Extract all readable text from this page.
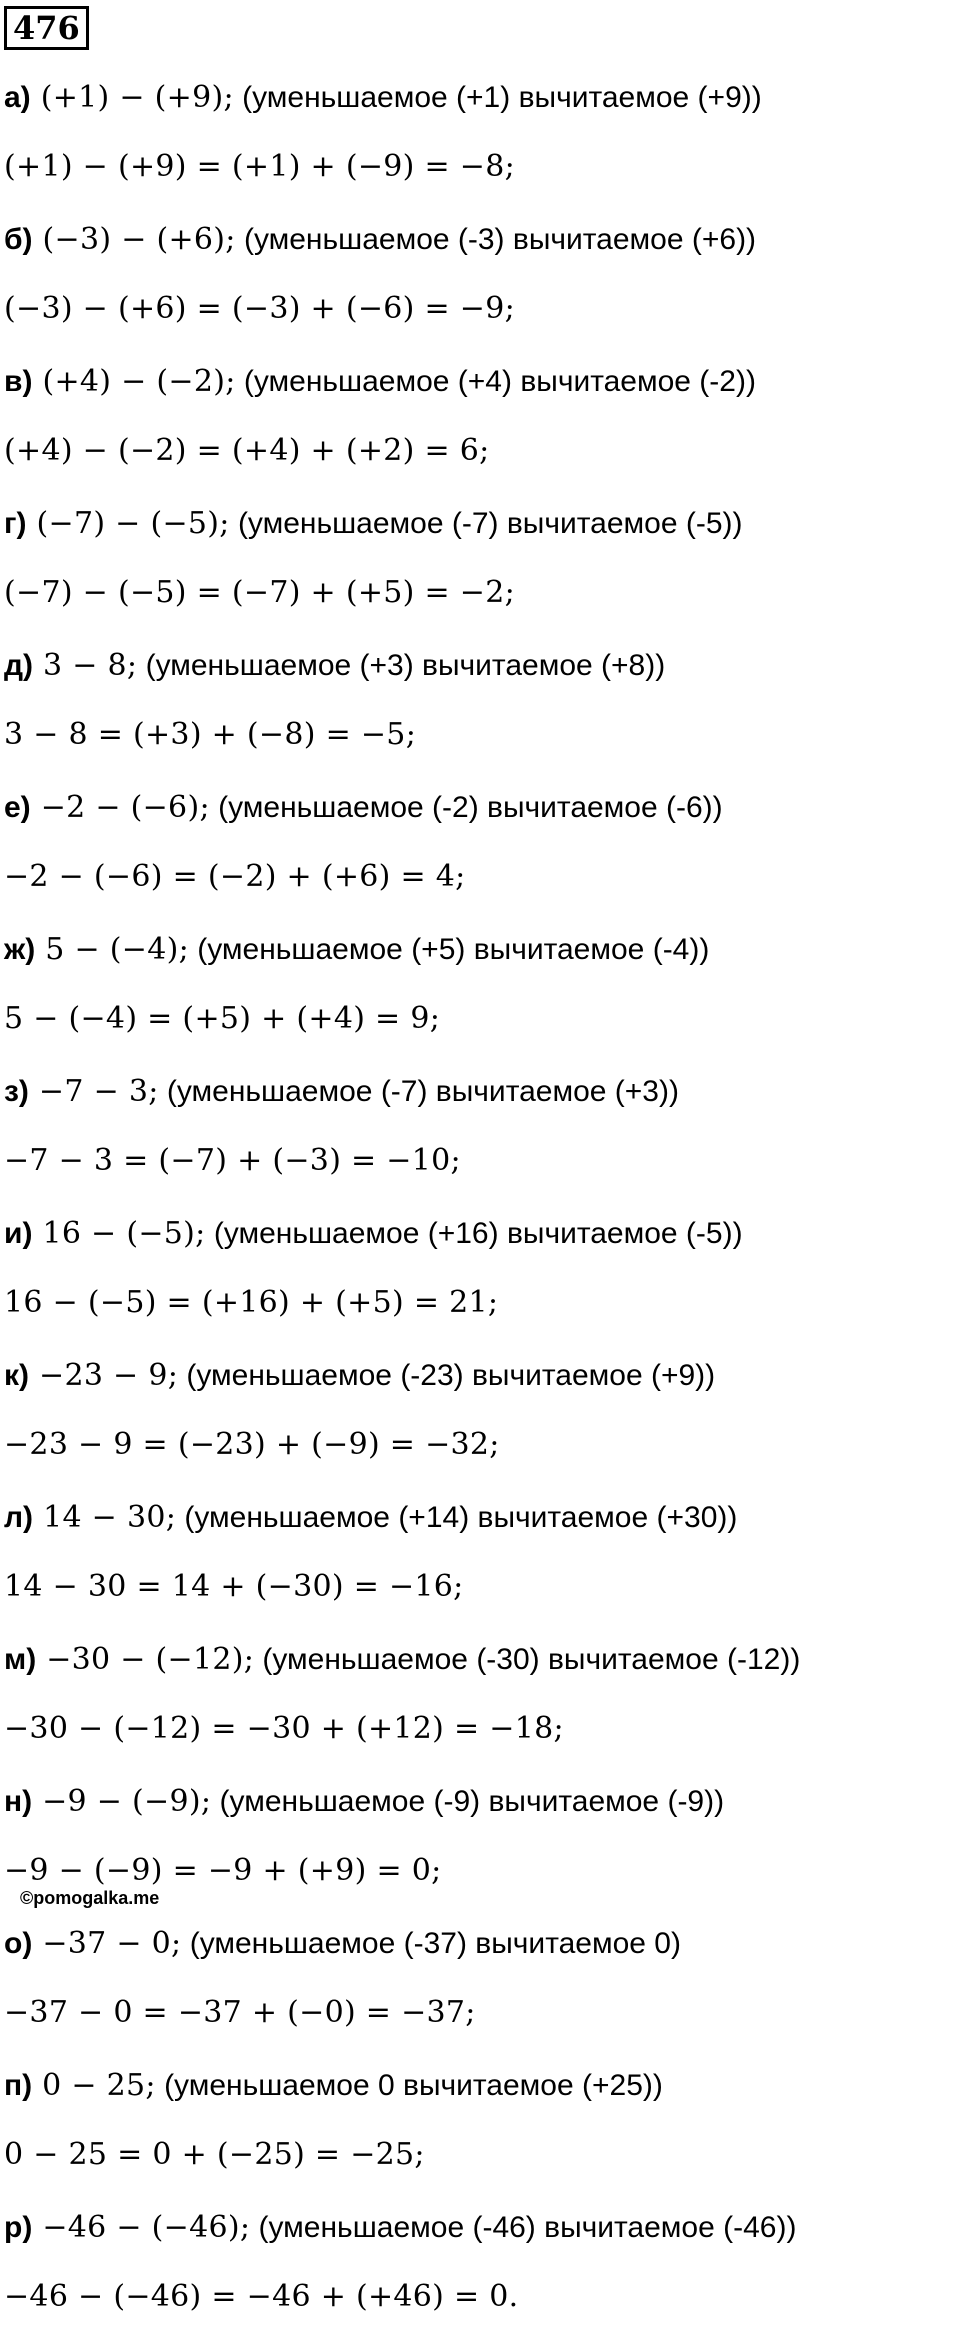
476
а) (+1) − (+9); (уменьшаемое (+1) вычитаемое (+9))
(+1) − (+9) = (+1) + (−9) = −8;
б) (−3) − (+6); (уменьшаемое (-3) вычитаемое (+6))
(−3) − (+6) = (−3) + (−6) = −9;
в) (+4) − (−2); (уменьшаемое (+4) вычитаемое (-2))
(+4) − (−2) = (+4) + (+2) = 6;
г) (−7) − (−5); (уменьшаемое (-7) вычитаемое (-5))
(−7) − (−5) = (−7) + (+5) = −2;
д) 3 − 8; (уменьшаемое (+3) вычитаемое (+8))
3 − 8 = (+3) + (−8) = −5;
е) −2 − (−6); (уменьшаемое (-2) вычитаемое (-6))
−2 − (−6) = (−2) + (+6) = 4;
ж) 5 − (−4); (уменьшаемое (+5) вычитаемое (-4))
5 − (−4) = (+5) + (+4) = 9;
з) −7 − 3; (уменьшаемое (-7) вычитаемое (+3))
−7 − 3 = (−7) + (−3) = −10;
и) 16 − (−5); (уменьшаемое (+16) вычитаемое (-5))
16 − (−5) = (+16) + (+5) = 21;
к) −23 − 9; (уменьшаемое (-23) вычитаемое (+9))
−23 − 9 = (−23) + (−9) = −32;
л) 14 − 30; (уменьшаемое (+14) вычитаемое (+30))
14 − 30 = 14 + (−30) = −16;
м) −30 − (−12); (уменьшаемое (-30) вычитаемое (-12))
−30 − (−12) = −30 + (+12) = −18;
н) −9 − (−9); (уменьшаемое (-9) вычитаемое (-9))
−9 − (−9) = −9 + (+9) = 0;
о) −37 − 0; (уменьшаемое (-37) вычитаемое 0)
−37 − 0 = −37 + (−0) = −37;
п) 0 − 25; (уменьшаемое 0 вычитаемое (+25))
0 − 25 = 0 + (−25) = −25;
р) −46 − (−46); (уменьшаемое (-46) вычитаемое (-46))
−46 − (−46) = −46 + (+46) = 0.
©pomogalka.me
